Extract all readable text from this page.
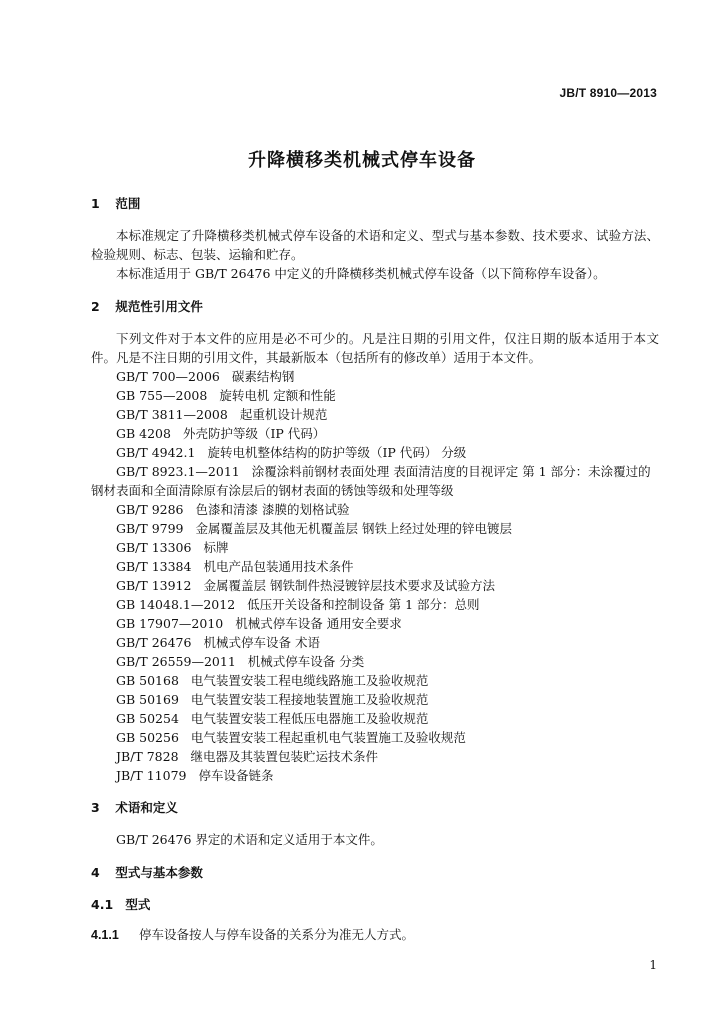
JB/T 8910—2013
升降横移类机械式停车设备
1 范围

本标准规定了升降横移类机械式停车设备的术语和定义、型式与基本参数、技术要求、试验方法、检验规则、标志、包装、运输和贮存。

本标准适用于 GB/T 26476 中定义的升降横移类机械式停车设备（以下简称停车设备）。

2 规范性引用文件

下列文件对于本文件的应用是必不可少的。凡是注日期的引用文件，仅注日期的版本适用于本文件。凡是不注日期的引用文件，其最新版本（包括所有的修改单）适用于本文件。

GB/T 700—2006 碳素结构钢
GB 755—2008 旋转电机 定额和性能
GB/T 3811—2008 起重机设计规范
GB 4208 外壳防护等级（IP 代码）
GB/T 4942.1 旋转电机整体结构的防护等级（IP 代码） 分级
GB/T 8923.1—2011 涂覆涂料前钢材表面处理 表面清洁度的目视评定 第 1 部分：未涂覆过的钢材表面和全面清除原有涂层后的钢材表面的锈蚀等级和处理等级
GB/T 9286 色漆和清漆 漆膜的划格试验
GB/T 9799 金属覆盖层及其他无机覆盖层 钢铁上经过处理的锌电镀层
GB/T 13306 标牌
GB/T 13384 机电产品包装通用技术条件
GB/T 13912 金属覆盖层 钢铁制件热浸镀锌层技术要求及试验方法
GB 14048.1—2012 低压开关设备和控制设备 第 1 部分：总则
GB 17907—2010 机械式停车设备 通用安全要求
GB/T 26476 机械式停车设备 术语
GB/T 26559—2011 机械式停车设备 分类
GB 50168 电气装置安装工程电缆线路施工及验收规范
GB 50169 电气装置安装工程接地装置施工及验收规范
GB 50254 电气装置安装工程低压电器施工及验收规范
GB 50256 电气装置安装工程起重机电气装置施工及验收规范
JB/T 7828 继电器及其装置包装贮运技术条件
JB/T 11079 停车设备链条
3 术语和定义

GB/T 26476 界定的术语和定义适用于本文件。

4 型式与基本参数
4.1 型式
4.1.1 停车设备按人与停车设备的关系分为准无人方式。
1
